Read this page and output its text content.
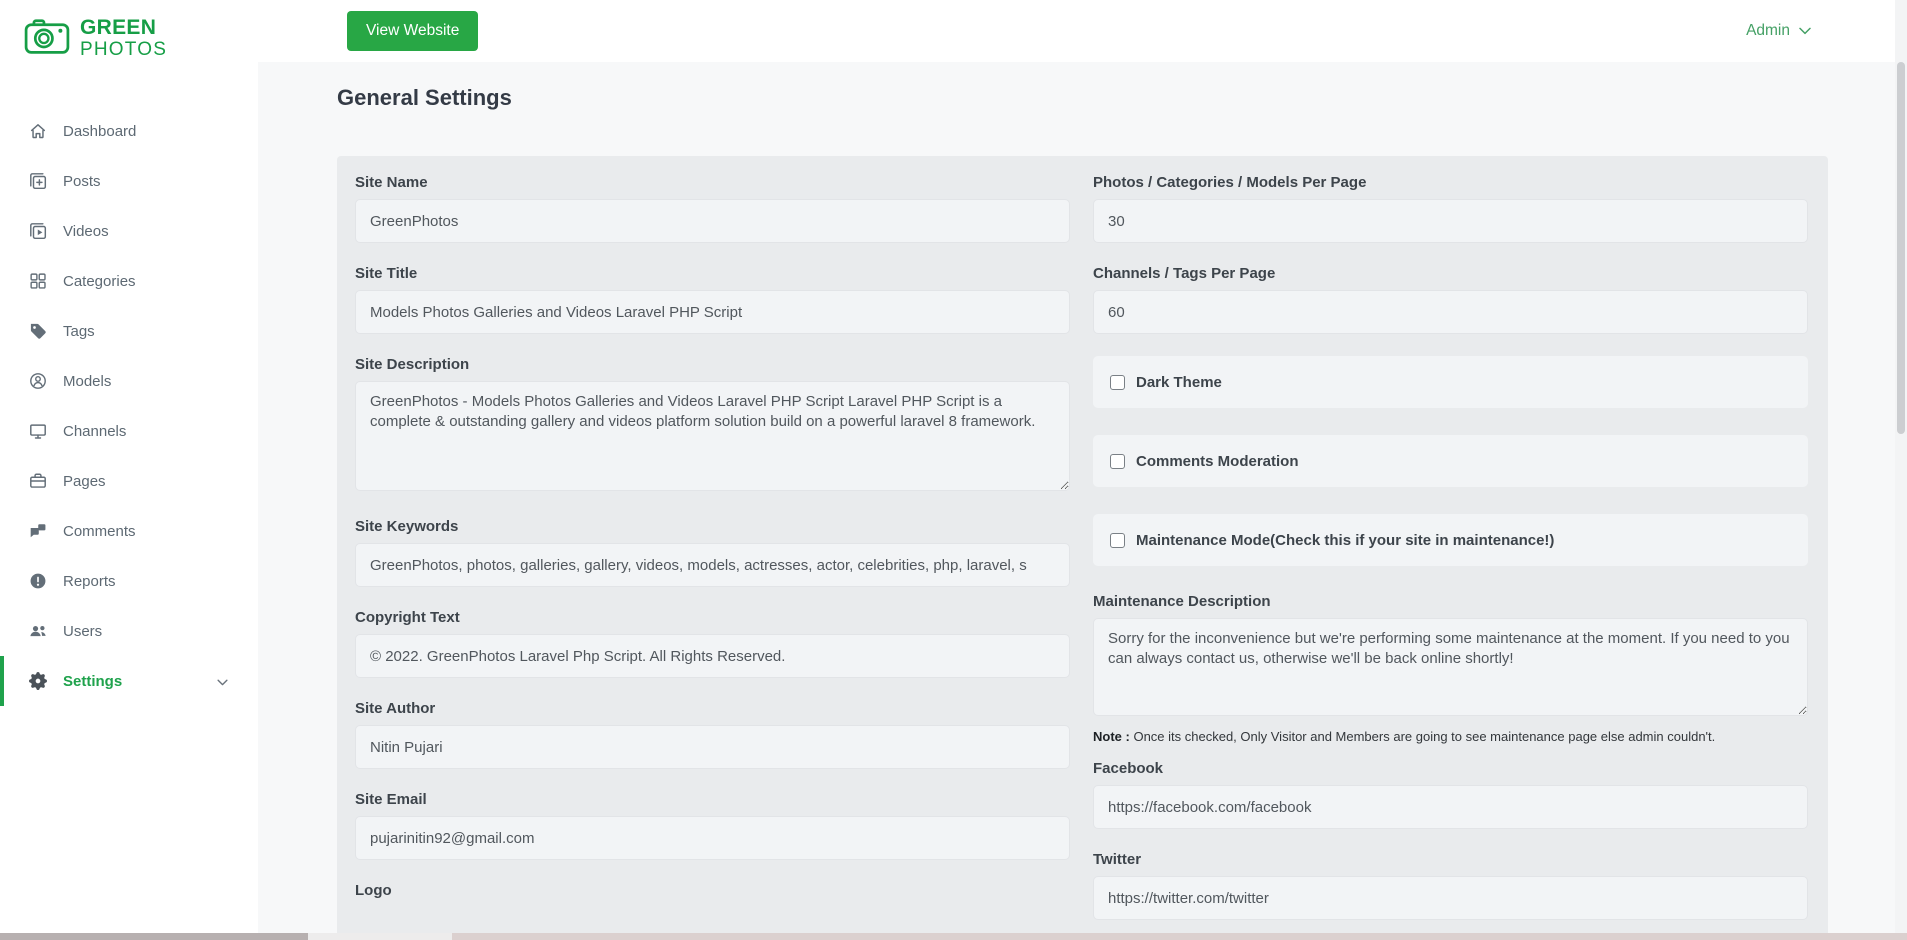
GREEN
PHOTOS
Dashboard
Posts
Videos
Categories
Tags
Models
Channels
Pages
Comments
Reports
Users
Settings
View Website	Admin
General Settings
Site Name
GreenPhotos
Site Title
Models Photos Galleries and Videos Laravel PHP Script
Site Description
GreenPhotos - Models Photos Galleries and Videos Laravel PHP Script Laravel PHP Script is a complete & outstanding gallery and videos platform solution build on a powerful laravel 8 framework.
Site Keywords
GreenPhotos, photos, galleries, gallery, videos, models, actresses, actor, celebrities, php, laravel, s
Copyright Text
© 2022. GreenPhotos Laravel Php Script. All Rights Reserved.
Site Author
Nitin Pujari
Site Email
pujarinitin92@gmail.com
Logo
Photos / Categories / Models Per Page
30
Channels / Tags Per Page
60
Dark Theme
Comments Moderation
Maintenance Mode(Check this if your site in maintenance!)
Maintenance Description
Sorry for the inconvenience but we're performing some maintenance at the moment. If you need to you can always contact us, otherwise we'll be back online shortly!

Note : Once its checked, Only Visitor and Members are going to see maintenance page else admin couldn't.

Facebook
https://facebook.com/facebook
Twitter
https://twitter.com/twitter
